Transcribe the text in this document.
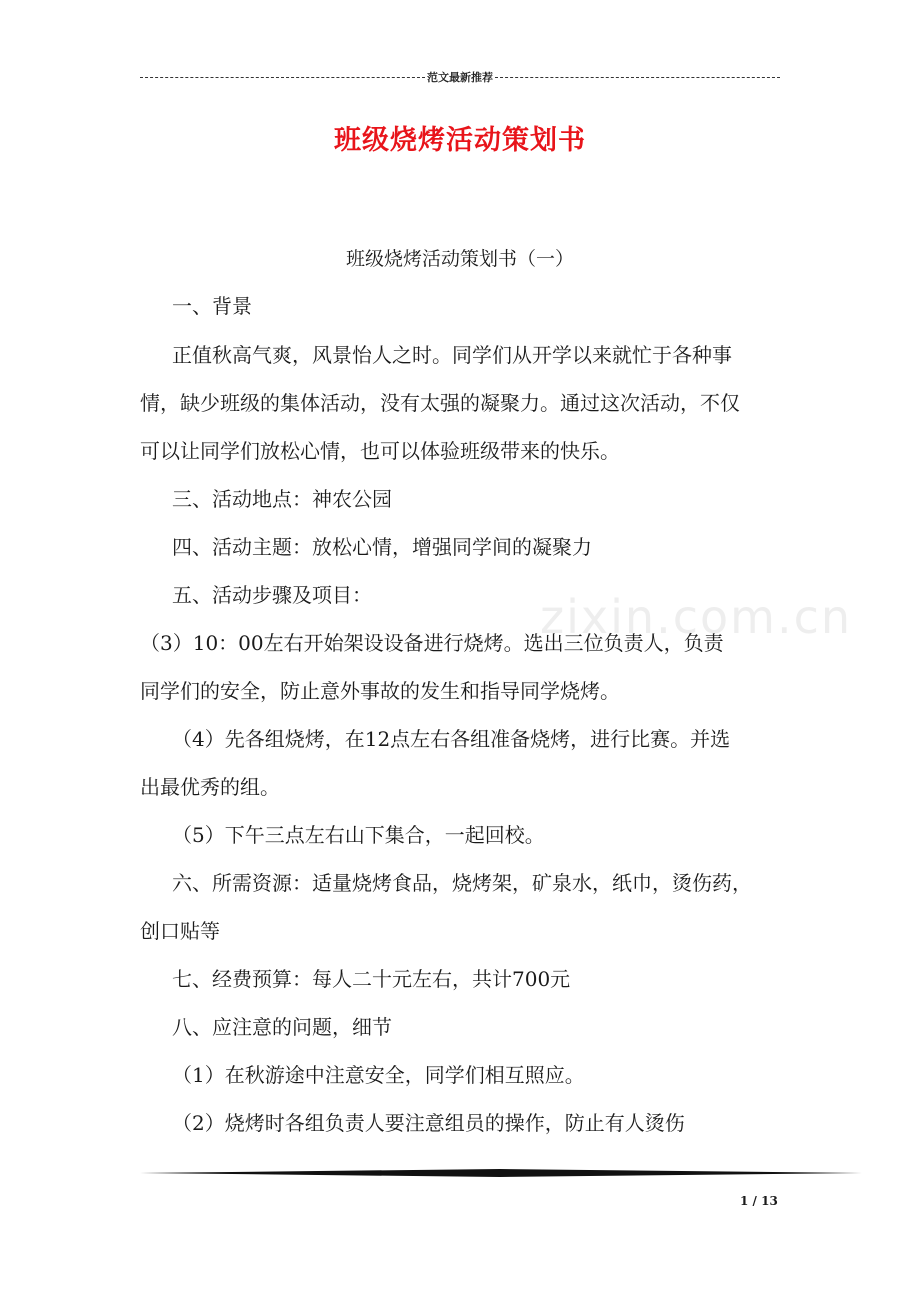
范文最新推荐
zixin.com.cn
班级烧烤活动策划书
班级烧烤活动策划书（一）
一、背景
正值秋高气爽，风景怡人之时。同学们从开学以来就忙于各种事
情，缺少班级的集体活动，没有太强的凝聚力。通过这次活动，不仅
可以让同学们放松心情，也可以体验班级带来的快乐。
三、活动地点：神农公园
四、活动主题：放松心情，增强同学间的凝聚力
五、活动步骤及项目：
（3）10：00左右开始架设设备进行烧烤。选出三位负责人，负责
同学们的安全，防止意外事故的发生和指导同学烧烤。
（4）先各组烧烤，在12点左右各组准备烧烤，进行比赛。并选
出最优秀的组。
（5）下午三点左右山下集合，一起回校。
六、所需资源：适量烧烤食品，烧烤架，矿泉水，纸巾，烫伤药，
创口贴等
七、经费预算：每人二十元左右，共计700元
八、应注意的问题，细节
（1）在秋游途中注意安全，同学们相互照应。
（2）烧烤时各组负责人要注意组员的操作，防止有人烫伤
1 / 13
